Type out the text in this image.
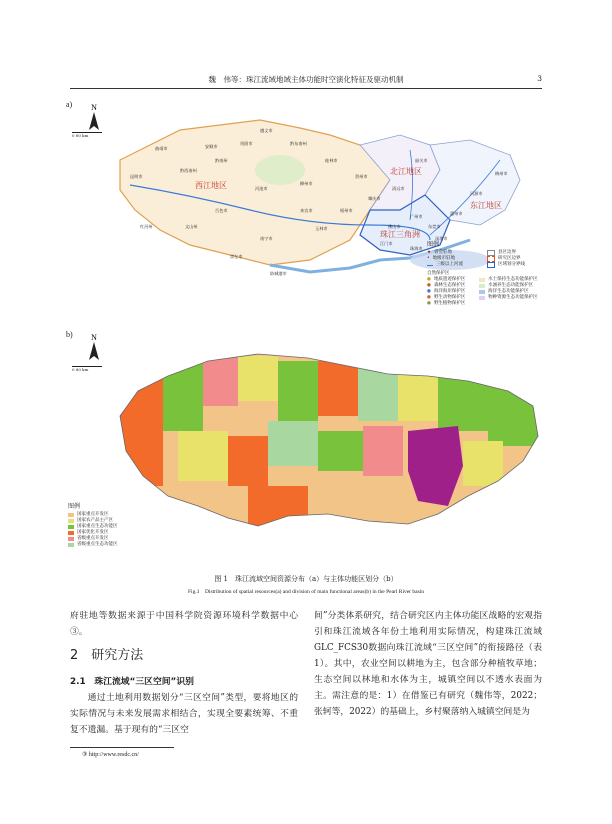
魏　伟等：珠江流域地域主体功能时空演化特征及驱动机制	3
a) N
0 80 km
昆明市
曲靖市
贵阳市
遵义市
安顺市
黔南州
黔东南州
黔西南州
西江地区	河池市
柳州市
桂林市
贺州市
百色市
南宁市
来宾市
玉林市
崇左市
梧州市
肇庆市
清远市
韶关市
广州市
佛山市
惠州市
河源市
梅州市
江门市
珠海市
东莞市
深圳市
北江地区
东江地区
珠江三角洲
红河州	文山州
防城港市
图例
★ 省会驻地	县区边界
• 地级市驻地	研究区边界
三级以上河流	区域划分界线
自然保护区
● 地质遗迹保护区	水土保持生态功能保护区
● 森林生态保护区	水涵养生态功能保护区
● 海洋海岸保护区	海洋生态功能保护区
● 野生动物保护区	物种资源生态功能保护区
● 野生植物保护区
b) N
0 80 km
图例
国家重点开发区
国家农产品主产区
国家重点生态功能区
国家优化开发区
省级重点开发区
省级重点生态功能区
图 1　珠江流域空间资源分布（a）与主体功能区划分（b）
Fig.1　Distribution of spatial resources(a) and division of main functional areas(b) in the Pearl River basin

府驻地等数据来源于中国科学院资源环境科学数据中心③。

2　研究方法
2.1　珠江流域“三区空间”识别

通过土地利用数据划分“三区空间”类型，要将地区的实际情况与未来发展需求相结合，实现全要素统筹、不重复不遗漏。基于现有的“三区空

间”分类体系研究，结合研究区内主体功能区战略的宏观指引和珠江流域各年份土地利用实际情况，构建珠江流域GLC_FCS30数据向珠江流域“三区空间”的衔接路径（表1）。其中，农业空间以耕地为主，包含部分种植牧草地；生态空间以林地和水体为主，城镇空间以不透水表面为主。需注意的是：1）在借鉴已有研究（魏伟等，2022；张轲等，2022）的基础上，乡村聚落纳入城镇空间是为

③ http://www.resdc.cn/
